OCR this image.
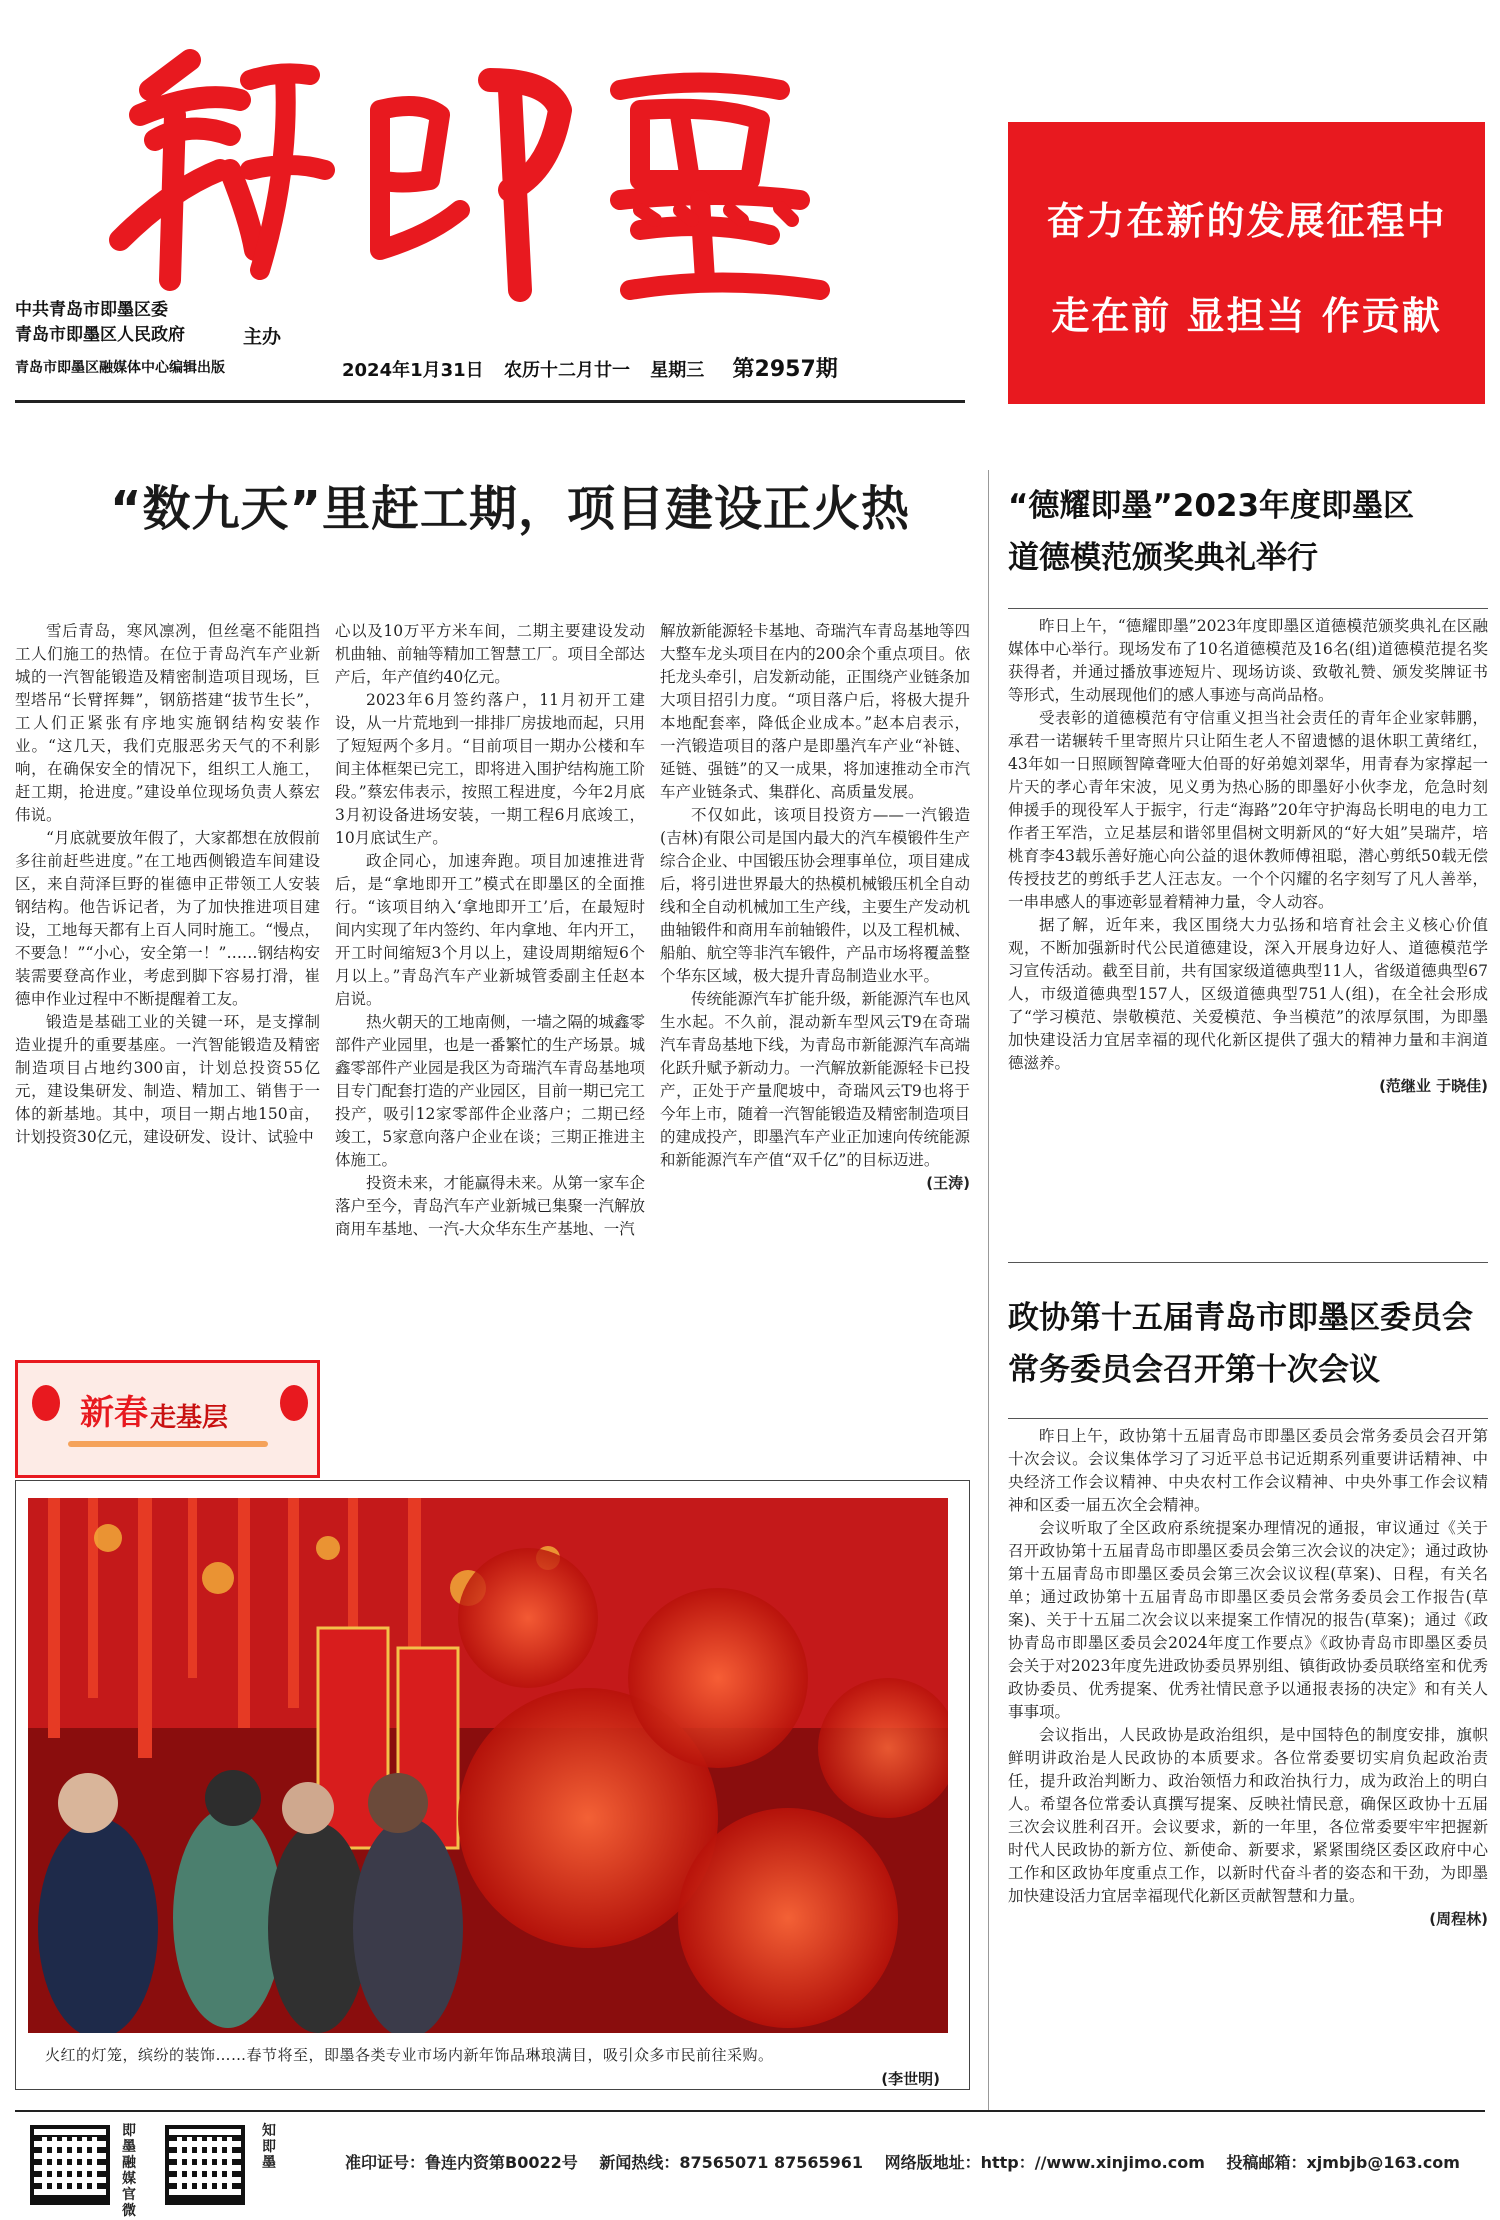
中共青岛市即墨区委
青岛市即墨区人民政府
青岛市即墨区融媒体中心编辑出版
主办
2024年1月31日 农历十二月廿一 星期三 第2957期
奋力在新的发展征程中
走在前 显担当 作贡献
“数九天”里赶工期，项目建设正火热

雪后青岛，寒风凛冽，但丝毫不能阻挡工人们施工的热情。在位于青岛汽车产业新城的一汽智能锻造及精密制造项目现场，巨型塔吊“长臂挥舞”，钢筋搭建“拔节生长”，工人们正紧张有序地实施钢结构安装作业。“这几天，我们克服恶劣天气的不利影响，在确保安全的情况下，组织工人施工，赶工期，抢进度。”建设单位现场负责人蔡宏伟说。

“月底就要放年假了，大家都想在放假前多往前赶些进度。”在工地西侧锻造车间建设区，来自菏泽巨野的崔德申正带领工人安装钢结构。他告诉记者，为了加快推进项目建设，工地每天都有上百人同时施工。“慢点，不要急！”“小心，安全第一！”……钢结构安装需要登高作业，考虑到脚下容易打滑，崔德申作业过程中不断提醒着工友。

锻造是基础工业的关键一环，是支撑制造业提升的重要基座。一汽智能锻造及精密制造项目占地约300亩，计划总投资55亿元，建设集研发、制造、精加工、销售于一体的新基地。其中，项目一期占地150亩，计划投资30亿元，建设研发、设计、试验中

心以及10万平方米车间，二期主要建设发动机曲轴、前轴等精加工智慧工厂。项目全部达产后，年产值约40亿元。

2023年6月签约落户，11月初开工建设，从一片荒地到一排排厂房拔地而起，只用了短短两个多月。“目前项目一期办公楼和车间主体框架已完工，即将进入围护结构施工阶段。”蔡宏伟表示，按照工程进度，今年2月底3月初设备进场安装，一期工程6月底竣工，10月底试生产。

政企同心，加速奔跑。项目加速推进背后，是“拿地即开工”模式在即墨区的全面推行。“该项目纳入‘拿地即开工’后，在最短时间内实现了年内签约、年内拿地、年内开工，开工时间缩短3个月以上，建设周期缩短6个月以上。”青岛汽车产业新城管委副主任赵本启说。

热火朝天的工地南侧，一墙之隔的城鑫零部件产业园里，也是一番繁忙的生产场景。城鑫零部件产业园是我区为奇瑞汽车青岛基地项目专门配套打造的产业园区，目前一期已完工投产，吸引12家零部件企业落户；二期已经竣工，5家意向落户企业在谈；三期正推进主体施工。

投资未来，才能赢得未来。从第一家车企落户至今，青岛汽车产业新城已集聚一汽解放商用车基地、一汽-大众华东生产基地、一汽

解放新能源轻卡基地、奇瑞汽车青岛基地等四大整车龙头项目在内的200余个重点项目。依托龙头牵引，启发新动能，正围绕产业链条加大项目招引力度。“项目落户后，将极大提升本地配套率，降低企业成本。”赵本启表示，一汽锻造项目的落户是即墨汽车产业“补链、延链、强链”的又一成果，将加速推动全市汽车产业链条式、集群化、高质量发展。

不仅如此，该项目投资方——一汽锻造(吉林)有限公司是国内最大的汽车模锻件生产综合企业、中国锻压协会理事单位，项目建成后，将引进世界最大的热模机械锻压机全自动线和全自动机械加工生产线，主要生产发动机曲轴锻件和商用车前轴锻件，以及工程机械、船舶、航空等非汽车锻件，产品市场将覆盖整个华东区域，极大提升青岛制造业水平。

传统能源汽车扩能升级，新能源汽车也风生水起。不久前，混动新车型风云T9在奇瑞汽车青岛基地下线，为青岛市新能源汽车高端化跃升赋予新动力。一汽解放新能源轻卡已投产，正处于产量爬坡中，奇瑞风云T9也将于今年上市，随着一汽智能锻造及精密制造项目的建成投产，即墨汽车产业正加速向传统能源和新能源汽车产值“双千亿”的目标迈进。

(王涛)
新春 走基层
火红的灯笼，缤纷的装饰……春节将至，即墨各类专业市场内新年饰品琳琅满目，吸引众多市民前往采购。
(李世明)
“德耀即墨”2023年度即墨区
道德模范颁奖典礼举行

昨日上午，“德耀即墨”2023年度即墨区道德模范颁奖典礼在区融媒体中心举行。现场发布了10名道德模范及16名(组)道德模范提名奖获得者，并通过播放事迹短片、现场访谈、致敬礼赞、颁发奖牌证书等形式，生动展现他们的感人事迹与高尚品格。

受表彰的道德模范有守信重义担当社会责任的青年企业家韩鹏，承君一诺辗转千里寄照片只让陌生老人不留遗憾的退休职工黄绪红，43年如一日照顾智障聋哑大伯哥的好弟媳刘翠华，用青春为家撑起一片天的孝心青年宋波，见义勇为热心肠的即墨好小伙李龙，危急时刻伸援手的现役军人于振宇，行走“海路”20年守护海岛长明电的电力工作者王军浩，立足基层和谐邻里倡树文明新风的“好大姐”吴瑞芹，培桃育李43载乐善好施心向公益的退休教师傅祖聪，潜心剪纸50载无偿传授技艺的剪纸手艺人汪志友。一个个闪耀的名字刻写了凡人善举，一串串感人的事迹彰显着精神力量，令人动容。

据了解，近年来，我区围绕大力弘扬和培育社会主义核心价值观，不断加强新时代公民道德建设，深入开展身边好人、道德模范学习宣传活动。截至目前，共有国家级道德典型11人，省级道德典型67人，市级道德典型157人，区级道德典型751人(组)，在全社会形成了“学习模范、崇敬模范、关爱模范、争当模范”的浓厚氛围，为即墨加快建设活力宜居幸福的现代化新区提供了强大的精神力量和丰润道德滋养。

(范继业 于晓佳)
政协第十五届青岛市即墨区委员会
常务委员会召开第十次会议

昨日上午，政协第十五届青岛市即墨区委员会常务委员会召开第十次会议。会议集体学习了习近平总书记近期系列重要讲话精神、中央经济工作会议精神、中央农村工作会议精神、中央外事工作会议精神和区委一届五次全会精神。

会议听取了全区政府系统提案办理情况的通报，审议通过《关于召开政协第十五届青岛市即墨区委员会第三次会议的决定》；通过政协第十五届青岛市即墨区委员会第三次会议议程(草案)、日程，有关名单；通过政协第十五届青岛市即墨区委员会常务委员会工作报告(草案)、关于十五届二次会议以来提案工作情况的报告(草案)；通过《政协青岛市即墨区委员会2024年度工作要点》《政协青岛市即墨区委员会关于对2023年度先进政协委员界别组、镇街政协委员联络室和优秀政协委员、优秀提案、优秀社情民意予以通报表扬的决定》和有关人事事项。

会议指出，人民政协是政治组织，是中国特色的制度安排，旗帜鲜明讲政治是人民政协的本质要求。各位常委要切实肩负起政治责任，提升政治判断力、政治领悟力和政治执行力，成为政治上的明白人。希望各位常委认真撰写提案、反映社情民意，确保区政协十五届三次会议胜利召开。会议要求，新的一年里，各位常委要牢牢把握新时代人民政协的新方位、新使命、新要求，紧紧围绕区委区政府中心工作和区政协年度重点工作，以新时代奋斗者的姿态和干劲，为即墨加快建设活力宜居幸福现代化新区贡献智慧和力量。

(周程林)
即墨融媒官微
知即墨	准印证号：鲁连内资第B0022号 新闻热线：87565071 87565961 网络版地址：http：//www.xinjimo.com 投稿邮箱：xjmbjb@163.com
